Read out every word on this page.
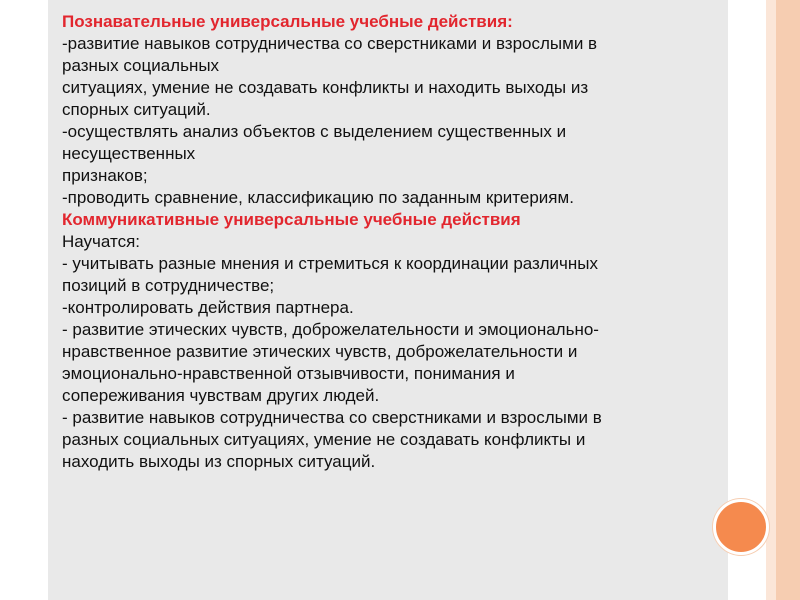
Познавательные универсальные учебные действия:
-развитие навыков сотрудничества со сверстниками и взрослыми в
разных социальных
ситуациях, умение не создавать конфликты и находить выходы из
спорных ситуаций.
-осуществлять анализ объектов с выделением существенных и
несущественных
признаков;
-проводить сравнение, классификацию по заданным критериям.
Коммуникативные универсальные учебные действия
Научатся:
- учитывать разные мнения и стремиться к координации различных
позиций в сотрудничестве;
-контролировать действия партнера.
- развитие этических чувств, доброжелательности и эмоционально-
нравственное развитие этических чувств, доброжелательности и
эмоционально-нравственной отзывчивости, понимания и
сопереживания чувствам других людей.
- развитие навыков сотрудничества со сверстниками и взрослыми в
разных социальных ситуациях, умение не создавать конфликты и
находить выходы из спорных ситуаций.
